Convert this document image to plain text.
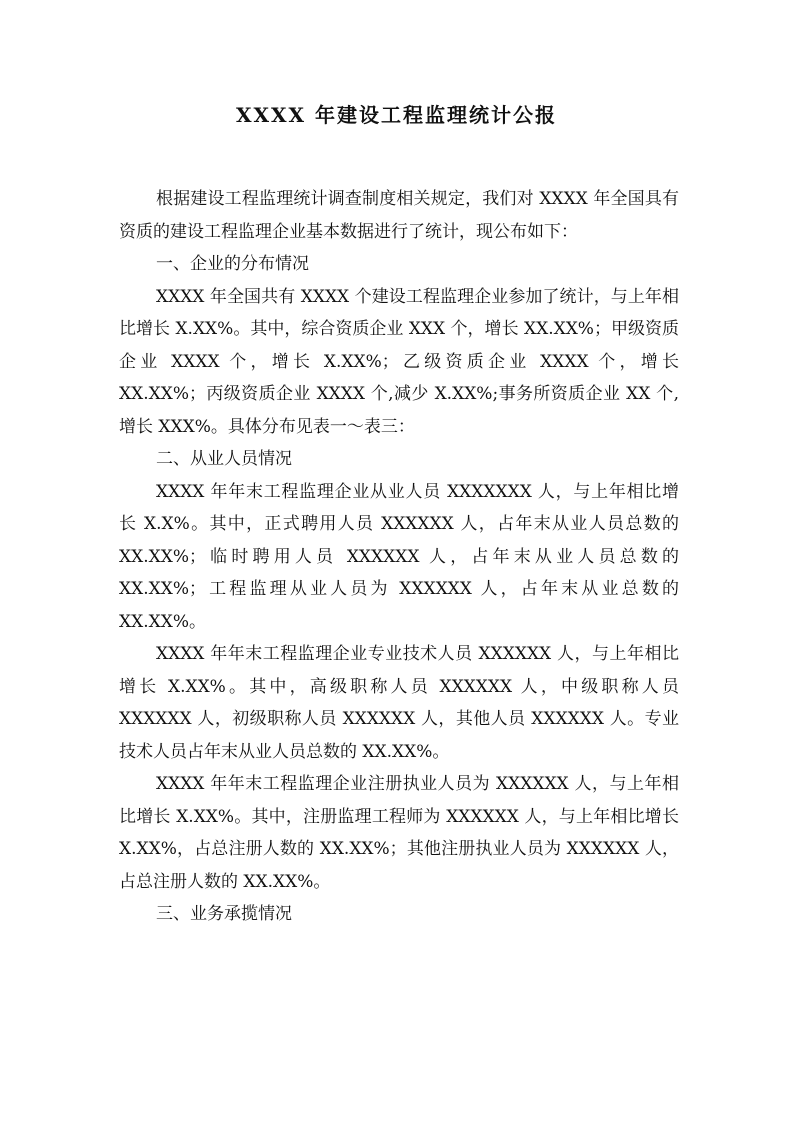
XXXX 年建设工程监理统计公报

根据建设工程监理统计调查制度相关规定，我们对 XXXX 年全国具有资质的建设工程监理企业基本数据进行了统计，现公布如下：

一、企业的分布情况

XXXX 年全国共有 XXXX 个建设工程监理企业参加了统计，与上年相比增长 X.XX%。其中，综合资质企业 XXX 个，增长 XX.XX%；甲级资质企业 XXXX 个，增长 X.XX%；乙级资质企业 XXXX 个，增长 XX.XX%；丙级资质企业 XXXX 个,减少 X.XX%;事务所资质企业 XX 个,增长 XXX%。具体分布见表一～表三：

二、从业人员情况

XXXX 年年末工程监理企业从业人员 XXXXXXX 人，与上年相比增长 X.X%。其中，正式聘用人员 XXXXXX 人，占年末从业人员总数的 XX.XX%；临时聘用人员 XXXXXX 人，占年末从业人员总数的 XX.XX%；工程监理从业人员为 XXXXXX 人，占年末从业总数的 XX.XX%。

XXXX 年年末工程监理企业专业技术人员 XXXXXX 人，与上年相比增长 X.XX%。其中，高级职称人员 XXXXXX 人，中级职称人员 XXXXXX 人，初级职称人员 XXXXXX 人，其他人员 XXXXXX 人。专业技术人员占年末从业人员总数的 XX.XX%。

XXXX 年年末工程监理企业注册执业人员为 XXXXXX 人，与上年相比增长 X.XX%。其中，注册监理工程师为 XXXXXX 人，与上年相比增长 X.XX%，占总注册人数的 XX.XX%；其他注册执业人员为 XXXXXX 人，占总注册人数的 XX.XX%。

三、业务承揽情况
